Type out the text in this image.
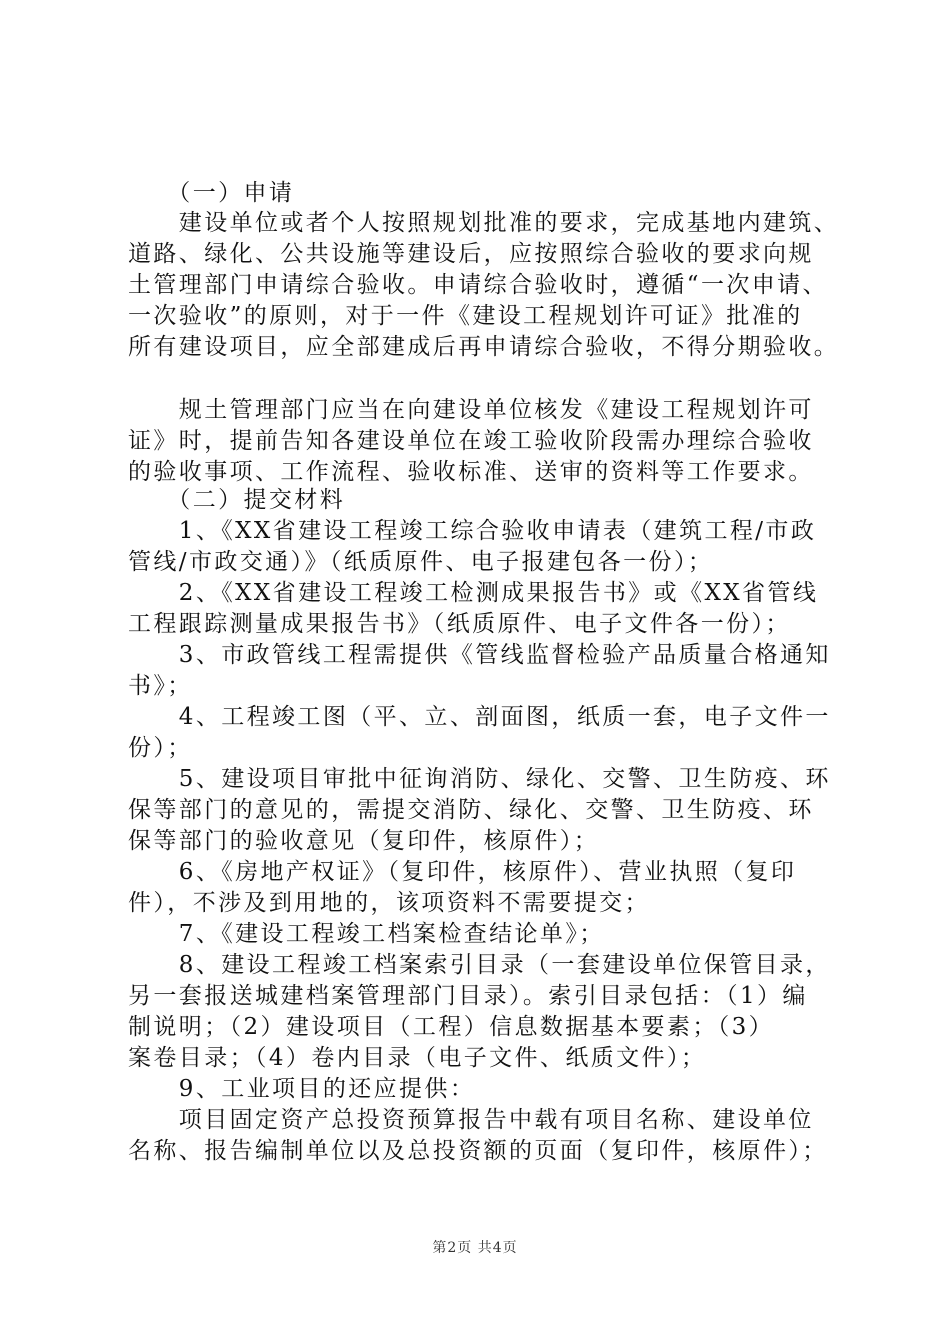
　　（一）申请
　　建设单位或者个人按照规划批准的要求，完成基地内建筑、
道路、绿化、公共设施等建设后，应按照综合验收的要求向规
土管理部门申请综合验收。申请综合验收时，遵循“一次申请、
一次验收”的原则，对于一件《建设工程规划许可证》批准的
所有建设项目，应全部建成后再申请综合验收，不得分期验收。
　　规土管理部门应当在向建设单位核发《建设工程规划许可
证》时，提前告知各建设单位在竣工验收阶段需办理综合验收
的验收事项、工作流程、验收标准、送审的资料等工作要求。
　　（二）提交材料
　　1、《XX省建设工程竣工综合验收申请表（建筑工程/市政
管线/市政交通）》（纸质原件、电子报建包各一份）；
　　2、《XX省建设工程竣工检测成果报告书》或《XX省管线
工程跟踪测量成果报告书》（纸质原件、电子文件各一份）；
　　3、市政管线工程需提供《管线监督检验产品质量合格通知
书》；
　　4、工程竣工图（平、立、剖面图，纸质一套，电子文件一
份）；
　　5、建设项目审批中征询消防、绿化、交警、卫生防疫、环
保等部门的意见的，需提交消防、绿化、交警、卫生防疫、环
保等部门的验收意见（复印件，核原件）；
　　6、《房地产权证》（复印件，核原件）、营业执照（复印
件），不涉及到用地的，该项资料不需要提交；
　　7、《建设工程竣工档案检查结论单》；
　　8、建设工程竣工档案索引目录（一套建设单位保管目录，
另一套报送城建档案管理部门目录）。索引目录包括：（1）编
制说明；（2）建设项目（工程）信息数据基本要素；（3）
案卷目录；（4）卷内目录（电子文件、纸质文件）；
　　9、工业项目的还应提供：
　　项目固定资产总投资预算报告中载有项目名称、建设单位
名称、报告编制单位以及总投资额的页面（复印件，核原件）；
第2页 共4页
